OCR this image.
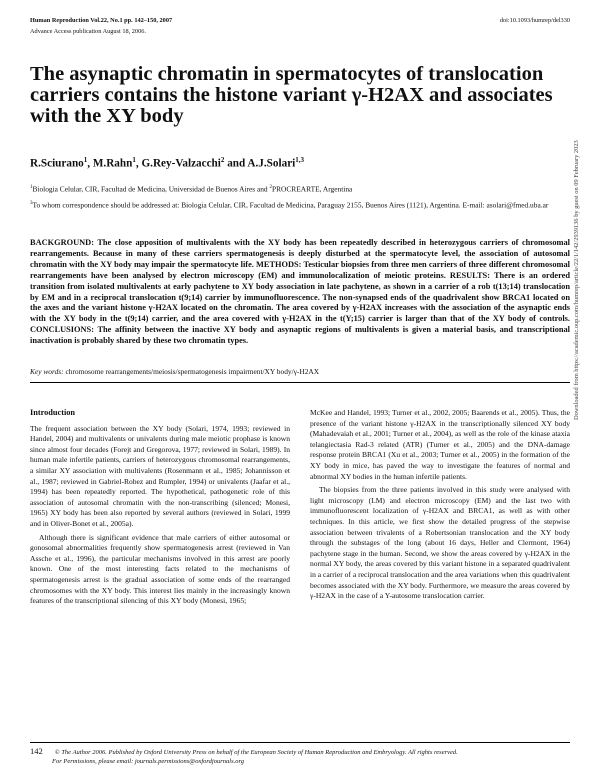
Human Reproduction Vol.22, No.1 pp. 142–150, 2007
Advance Access publication August 18, 2006.
doi:10.1093/humrep/del330
The asynaptic chromatin in spermatocytes of translocation carriers contains the histone variant γ-H2AX and associates with the XY body
R.Sciurano$^1$, M.Rahn$^1$, G.Rey-Valzacchi$^2$ and A.J.Solari$^{1,3}$
$^1$Biologia Celular, CIR, Facultad de Medicina, Universidad de Buenos Aires and $^2$PROCREARTE, Argentina
$^3$To whom correspondence should be addressed at: Biologia Celular, CIR, Facultad de Medicina, Paraguay 2155, Buenos Aires (1121), Argentina. E-mail: asolari@fmed.uba.ar
BACKGROUND: The close apposition of multivalents with the XY body has been repeatedly described in heterozygous carriers of chromosomal rearrangements. Because in many of these carriers spermatogenesis is deeply disturbed at the spermatocyte level, the association of autosomal chromatin with the XY body may impair the spermatocyte life. METHODS: Testicular biopsies from three men carriers of three different chromosomal rearrangements have been analysed by electron microscopy (EM) and immunolocalization of meiotic proteins. RESULTS: There is an ordered transition from isolated multivalents at early pachytene to XY body association in late pachytene, as shown in a carrier of a rob t(13;14) translocation by EM and in a reciprocal translocation t(9;14) carrier by immunofluorescence. The non-synapsed ends of the quadrivalent show BRCA1 located on the axes and the variant histone γ-H2AX located on the chromatin. The area covered by γ-H2AX increases with the association of the asynaptic ends with the XY body in the t(9;14) carrier, and the area covered with γ-H2AX in the t(Y;15) carrier is larger than that of the XY body of controls. CONCLUSIONS: The affinity between the inactive XY body and asynaptic regions of multivalents is given a material basis, and transcriptional inactivation is probably shared by these two chromatin types.
Key words: chromosome rearrangements/meiosis/spermatogenesis impairment/XY body/γ-H2AX
Introduction

The frequent association between the XY body (Solari, 1974, 1993; reviewed in Handel, 2004) and multivalents or univalents during male meiotic prophase is known since almost four decades (Forejt and Gregorova, 1977; reviewed in Solari, 1989). In human male infertile patients, carriers of heterozygous chromosomal rearrangements, a similar XY association with multivalents (Rosenmann et al., 1985; Johannisson et al., 1987; reviewed in Gabriel-Robez and Rumpler, 1994) or univalents (Jaafar et al., 1994) has been repeatedly reported. The hypothetical, pathogenetic role of this association of autosomal chromatin with the non-transcribing (silenced; Monesi, 1965) XY body has been also reported by several authors (reviewed in Solari, 1999 and in Oliver-Bonet et al., 2005a).

Although there is significant evidence that male carriers of either autosomal or gonosomal abnormalities frequently show spermatogenesis arrest (reviewed in Van Assche et al., 1996), the particular mechanisms involved in this arrest are poorly known. One of the most interesting facts related to the mechanisms of spermatogenesis arrest is the gradual association of some ends of the rearranged chromosomes with the XY body. This interest lies mainly in the increasingly known features of the transcriptional silencing of this XY body (Monesi, 1965;

McKee and Handel, 1993; Turner et al., 2002, 2005; Baarends et al., 2005). Thus, the presence of the variant histone γ-H2AX in the transcriptionally silenced XY body (Mahadevaiah et al., 2001; Turner et al., 2004), as well as the role of the kinase ataxia telangiectasia Rad-3 related (ATR) (Turner et al., 2005) and the DNA-damage response protein BRCA1 (Xu et al., 2003; Turner et al., 2005) in the formation of the XY body in mice, has paved the way to investigate the features of normal and abnormal XY bodies in the human infertile patients.

The biopsies from the three patients involved in this study were analysed with light microscopy (LM) and electron microscopy (EM) and the last two with immunofluorescent localization of γ-H2AX and BRCA1, as well as with other techniques. In this article, we first show the detailed progress of the stepwise association between trivalents of a Robertsonian translocation and the XY body through the substages of the long (about 16 days, Heller and Clermont, 1964) pachytene stage in the human. Second, we show the areas covered by γ-H2AX in the normal XY body, the areas covered by this variant histone in a separated quadrivalent in a carrier of a reciprocal translocation and the area variations when this quadrivalent becomes associated with the XY body. Furthermore, we measure the areas covered by γ-H2AX in the case of a Y-autosome translocation carrier.

142 © The Author 2006. Published by Oxford University Press on behalf of the European Society of Human Reproduction and Embryology. All rights reserved.
For Permissions, please email: journals.permissions@oxfordjournals.org
Downloaded from https://academic.oup.com/humrep/article/22/1/142/2939136 by guest on 09 February 2023
